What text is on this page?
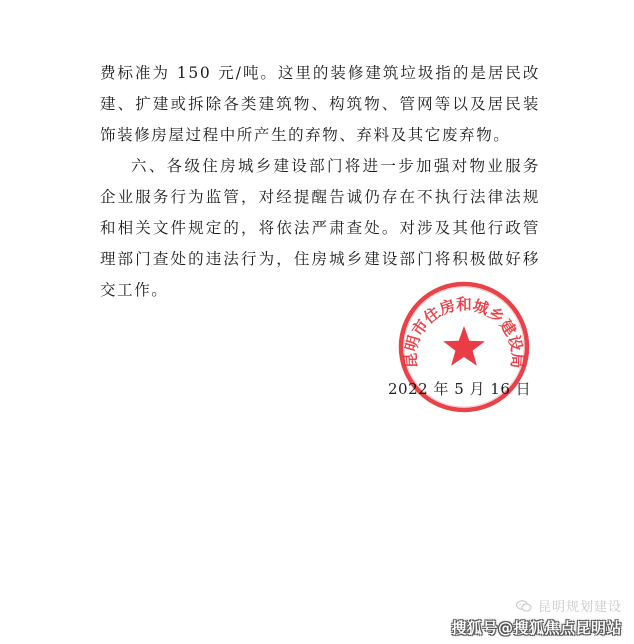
费标准为 150 元/吨。这里的装修建筑垃圾指的是居民改建、扩建或拆除各类建筑物、构筑物、管网等以及居民装饰装修房屋过程中所产生的弃物、弃料及其它废弃物。

六、各级住房城乡建设部门将进一步加强对物业服务企业服务行为监管，对经提醒告诚仍存在不执行法律法规和相关文件规定的，将依法严肃查处。对涉及其他行政管理部门查处的违法行为，住房城乡建设部门将积极做好移交工作。

2022 年 5 月 16 日
昆明市住房和城乡建设局
昆明规划建设
搜狐号@搜狐焦点昆明站
